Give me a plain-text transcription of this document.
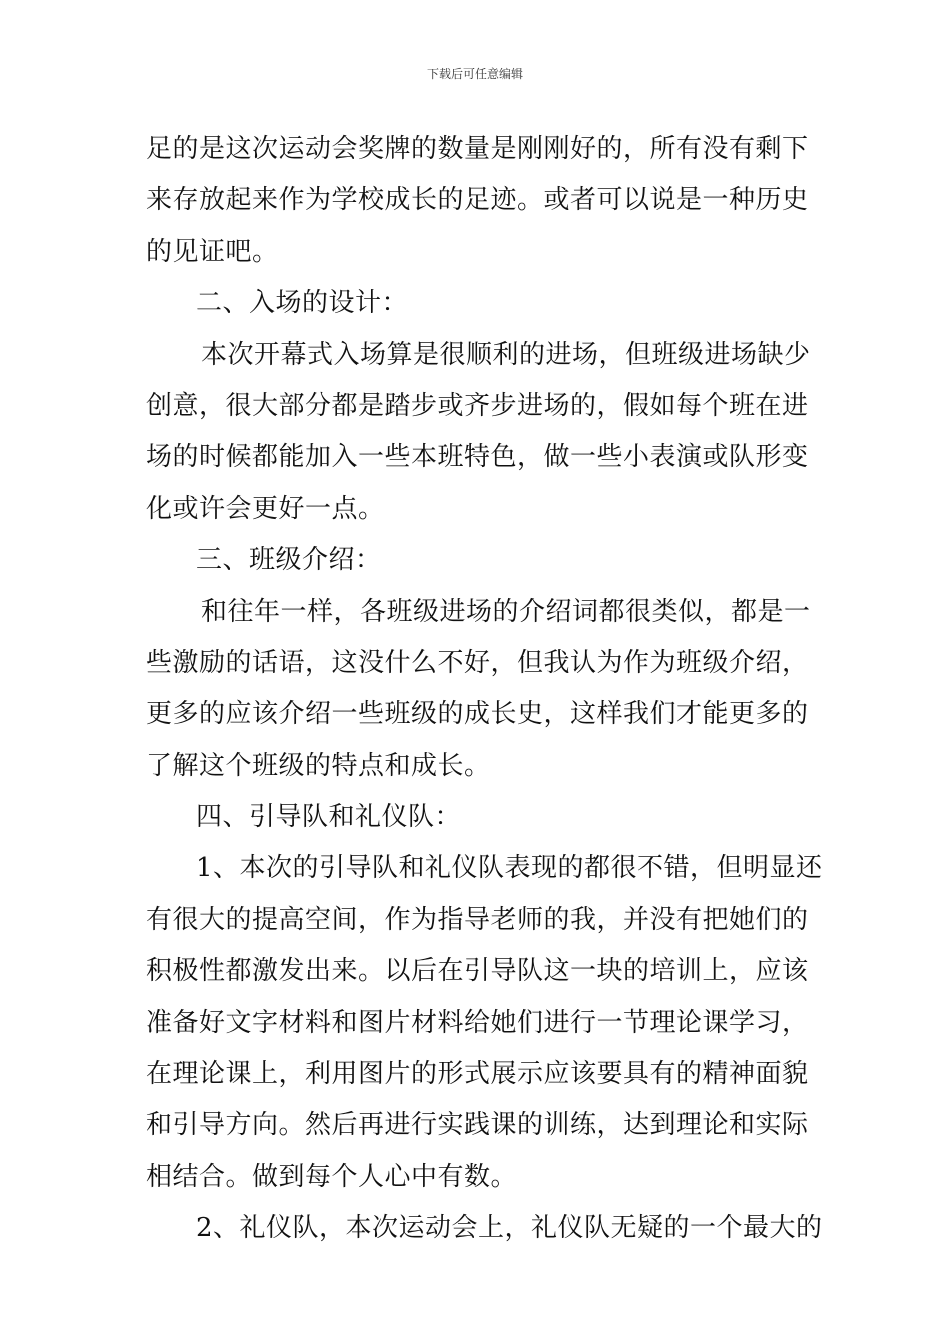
下载后可任意编辑
足的是这次运动会奖牌的数量是刚刚好的，所有没有剩下
来存放起来作为学校成长的足迹。或者可以说是一种历史
的见证吧。
二、入场的设计：
本次开幕式入场算是很顺利的进场，但班级进场缺少
创意，很大部分都是踏步或齐步进场的，假如每个班在进
场的时候都能加入一些本班特色，做一些小表演或队形变
化或许会更好一点。
三、班级介绍：
和往年一样，各班级进场的介绍词都很类似，都是一
些激励的话语，这没什么不好，但我认为作为班级介绍，
更多的应该介绍一些班级的成长史，这样我们才能更多的
了解这个班级的特点和成长。
四、引导队和礼仪队：
1、本次的引导队和礼仪队表现的都很不错，但明显还
有很大的提高空间，作为指导老师的我，并没有把她们的
积极性都激发出来。以后在引导队这一块的培训上，应该
准备好文字材料和图片材料给她们进行一节理论课学习，
在理论课上，利用图片的形式展示应该要具有的精神面貌
和引导方向。然后再进行实践课的训练，达到理论和实际
相结合。做到每个人心中有数。
2、礼仪队，本次运动会上，礼仪队无疑的一个最大的
